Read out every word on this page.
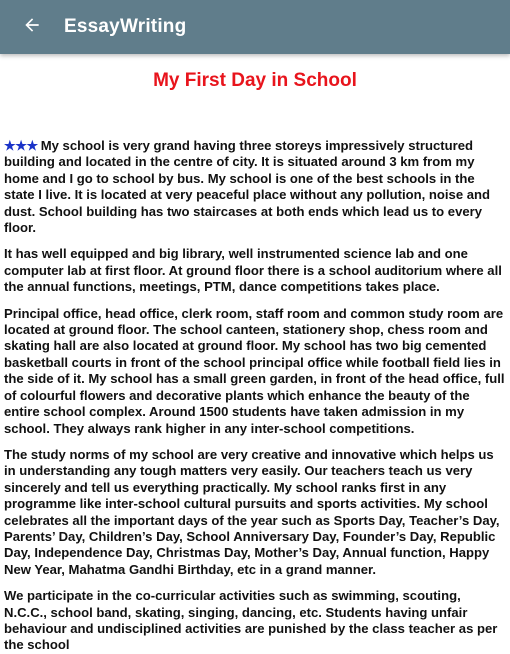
EssayWriting
My First Day in School

★★★ My school is very grand having three storeys impressively structured building and located in the centre of city. It is situated around 3 km from my home and I go to school by bus. My school is one of the best schools in the state I live. It is located at very peaceful place without any pollution, noise and dust. School building has two staircases at both ends which lead us to every floor.

It has well equipped and big library, well instrumented science lab and one computer lab at first floor. At ground floor there is a school auditorium where all the annual functions, meetings, PTM, dance competitions takes place.

Principal office, head office, clerk room, staff room and common study room are located at ground floor. The school canteen, stationery shop, chess room and skating hall are also located at ground floor. My school has two big cemented basketball courts in front of the school principal office while football field lies in the side of it. My school has a small green garden, in front of the head office, full of colourful flowers and decorative plants which enhance the beauty of the entire school complex. Around 1500 students have taken admission in my school. They always rank higher in any inter-school competitions.

The study norms of my school are very creative and innovative which helps us in understanding any tough matters very easily. Our teachers teach us very sincerely and tell us everything practically. My school ranks first in any programme like inter-school cultural pursuits and sports activities. My school celebrates all the important days of the year such as Sports Day, Teacher’s Day, Parents’ Day, Children’s Day, School Anniversary Day, Founder’s Day, Republic Day, Independence Day, Christmas Day, Mother’s Day, Annual function, Happy New Year, Mahatma Gandhi Birthday, etc in a grand manner.

We participate in the co-curricular activities such as swimming, scouting, N.C.C., school band, skating, singing, dancing, etc. Students having unfair behaviour and undisciplined activities are punished by the class teacher as per the school
